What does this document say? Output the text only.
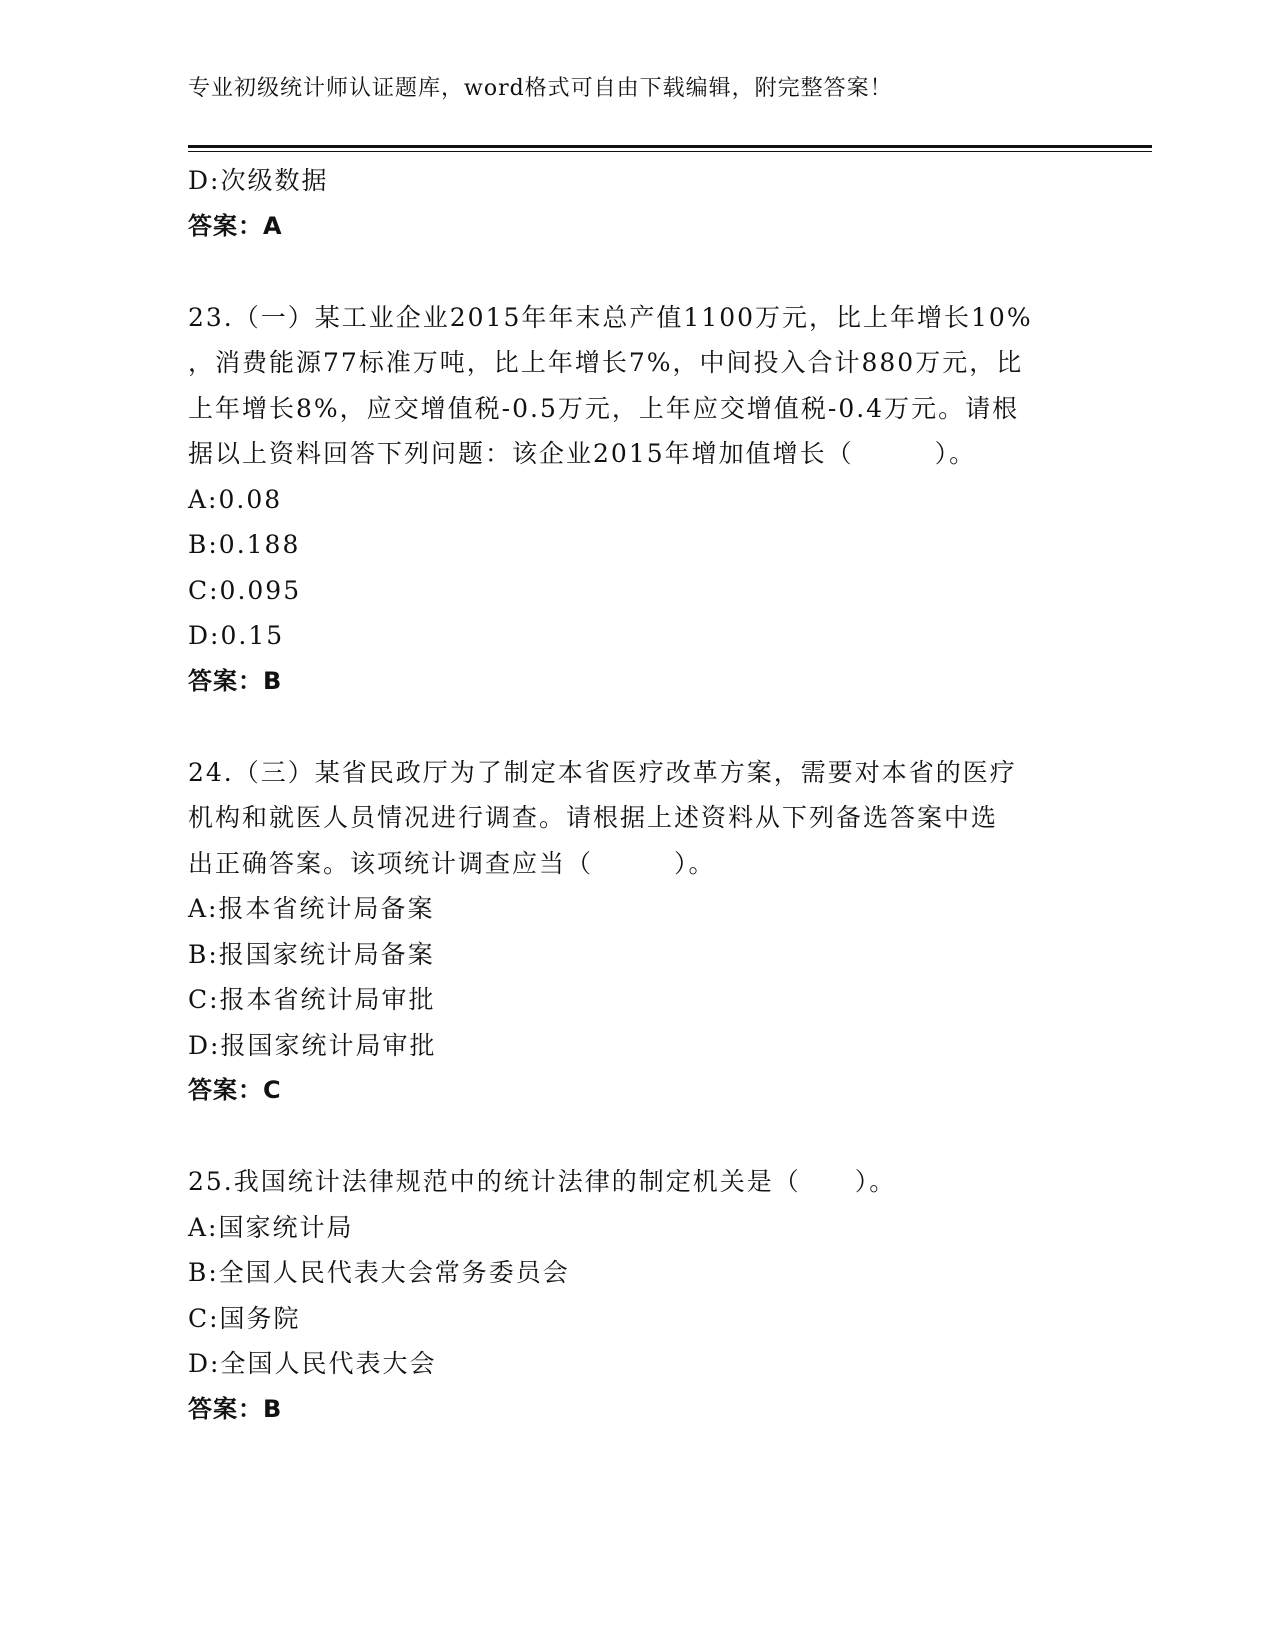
专业初级统计师认证题库，word格式可自由下载编辑，附完整答案！
D:次级数据
答案：A
23.（一）某工业企业2015年年末总产值1100万元，比上年增长10%
，消费能源77标准万吨，比上年增长7%，中间投入合计880万元，比
上年增长8%，应交增值税-0.5万元，上年应交增值税-0.4万元。请根
据以上资料回答下列问题：该企业2015年增加值增长（　　　）。
A:0.08
B:0.188
C:0.095
D:0.15
答案：B
24.（三）某省民政厅为了制定本省医疗改革方案，需要对本省的医疗
机构和就医人员情况进行调查。请根据上述资料从下列备选答案中选
出正确答案。该项统计调查应当（　　　）。
A:报本省统计局备案
B:报国家统计局备案
C:报本省统计局审批
D:报国家统计局审批
答案：C
25.我国统计法律规范中的统计法律的制定机关是（　　）。
A:国家统计局
B:全国人民代表大会常务委员会
C:国务院
D:全国人民代表大会
答案：B
